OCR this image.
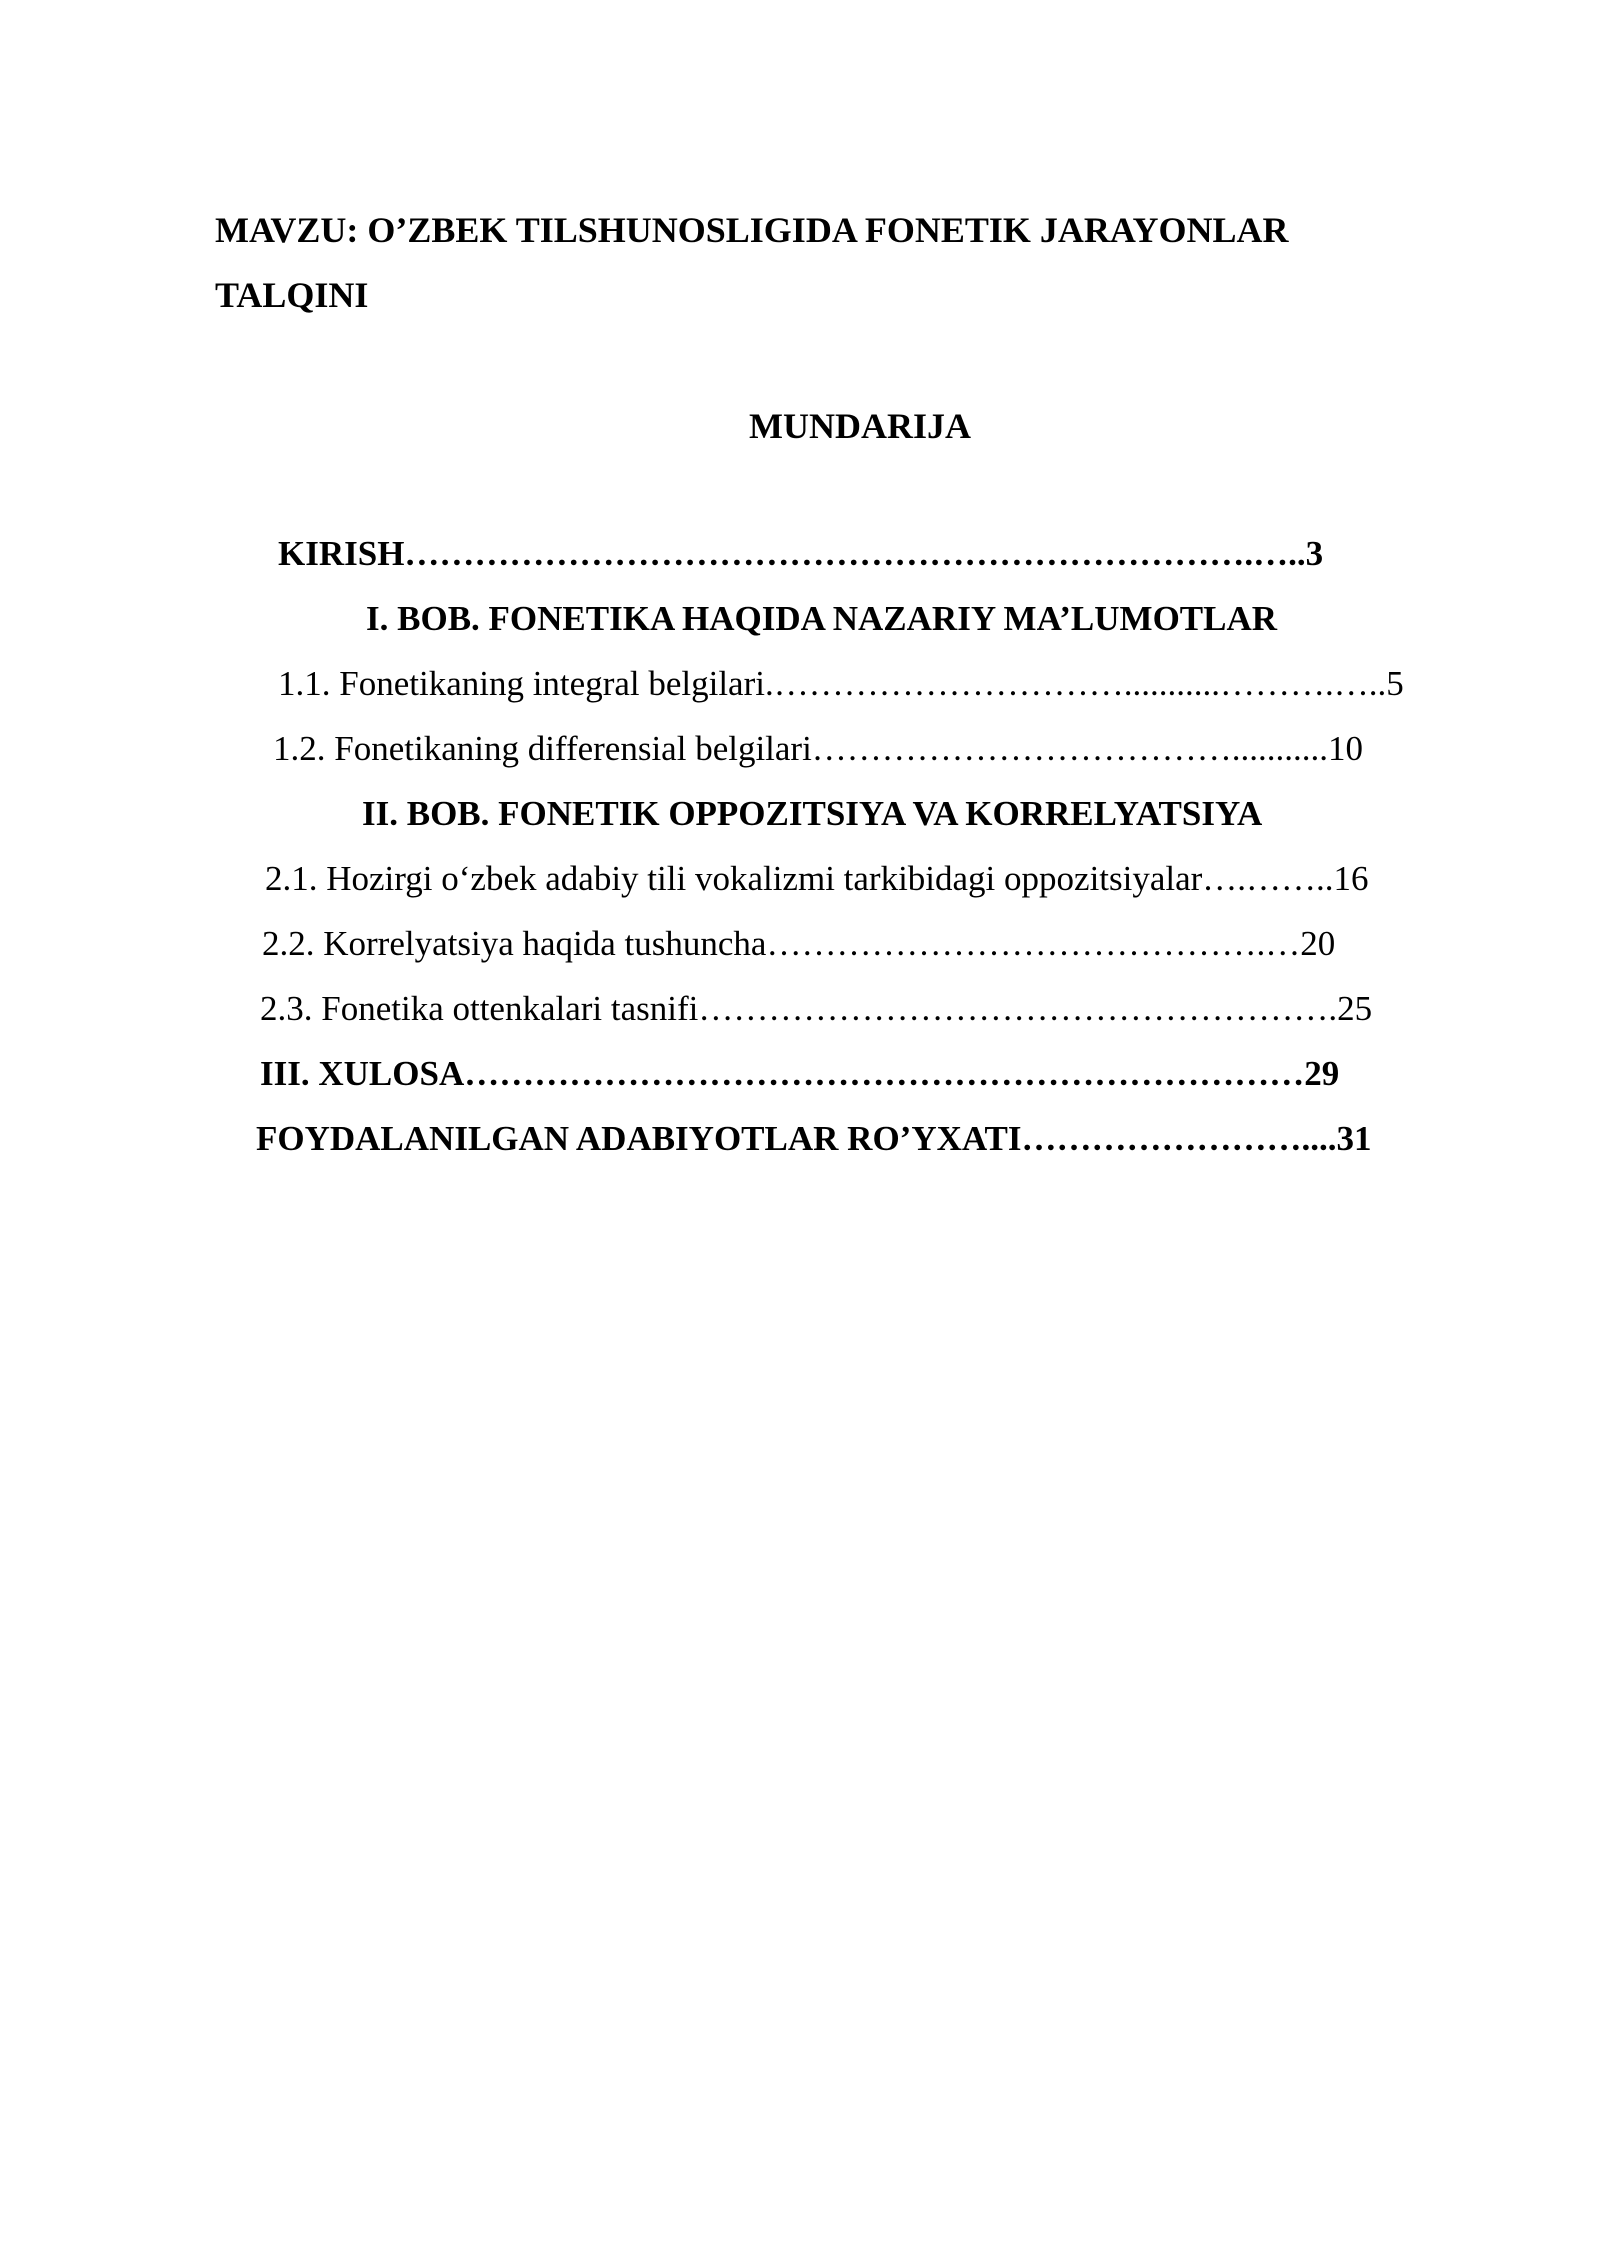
MAVZU: O’ZBEK TILSHUNOSLIGIDA FONETIK JARAYONLAR TALQINI

MUNDARIJA

KIRISH……………………………………………………………….…..3
I. BOB. FONETIKA HAQIDA NAZARIY MA’LUMOTLAR
1.1. Fonetikaning integral belgilari.…………………………...........……….…..5
1.2. Fonetikaning differensial belgilari………………………………...........10
II. BOB. FONETIK OPPOZITSIYA VA KORRELYATSIYA
2.1. Hozirgi o‘zbek adabiy tili vokalizmi tarkibidagi oppozitsiyalar….……..16
2.2. Korrelyatsiya haqida tushuncha…………………………………….…20
2.3. Fonetika ottenkalari tasnifi……………………………………………….25
III. XULOSA………………………………………………………………29
FOYDALANILGAN ADABIYOTLAR RO’YXATI……………………....31
